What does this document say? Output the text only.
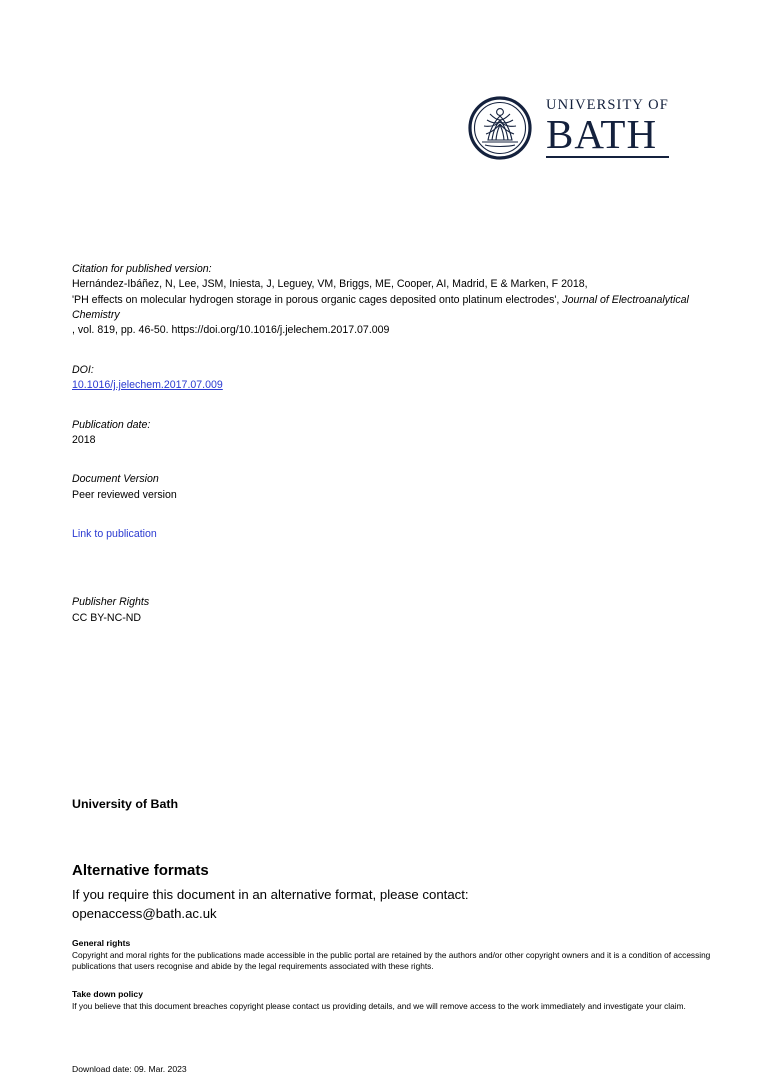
UNIVERSITY OF
BATH

Citation for published version:

Hernández-Ibáñez, N, Lee, JSM, Iniesta, J, Leguey, VM, Briggs, ME, Cooper, AI, Madrid, E & Marken, F 2018,

'PH effects on molecular hydrogen storage in porous organic cages deposited onto platinum electrodes', Journal of Electroanalytical Chemistry

, vol. 819, pp. 46-50. https://doi.org/10.1016/j.jelechem.2017.07.009

DOI:

10.1016/j.jelechem.2017.07.009

Publication date:

2018

Document Version

Peer reviewed version

Link to publication

Publisher Rights

CC BY-NC-ND

University of Bath
Alternative formats
If you require this document in an alternative format, please contact:
openaccess@bath.ac.uk
General rights

Copyright and moral rights for the publications made accessible in the public portal are retained by the authors and/or other copyright owners and it is a condition of accessing publications that users recognise and abide by the legal requirements associated with these rights.

Take down policy

If you believe that this document breaches copyright please contact us providing details, and we will remove access to the work immediately and investigate your claim.

Download date: 09. Mar. 2023
